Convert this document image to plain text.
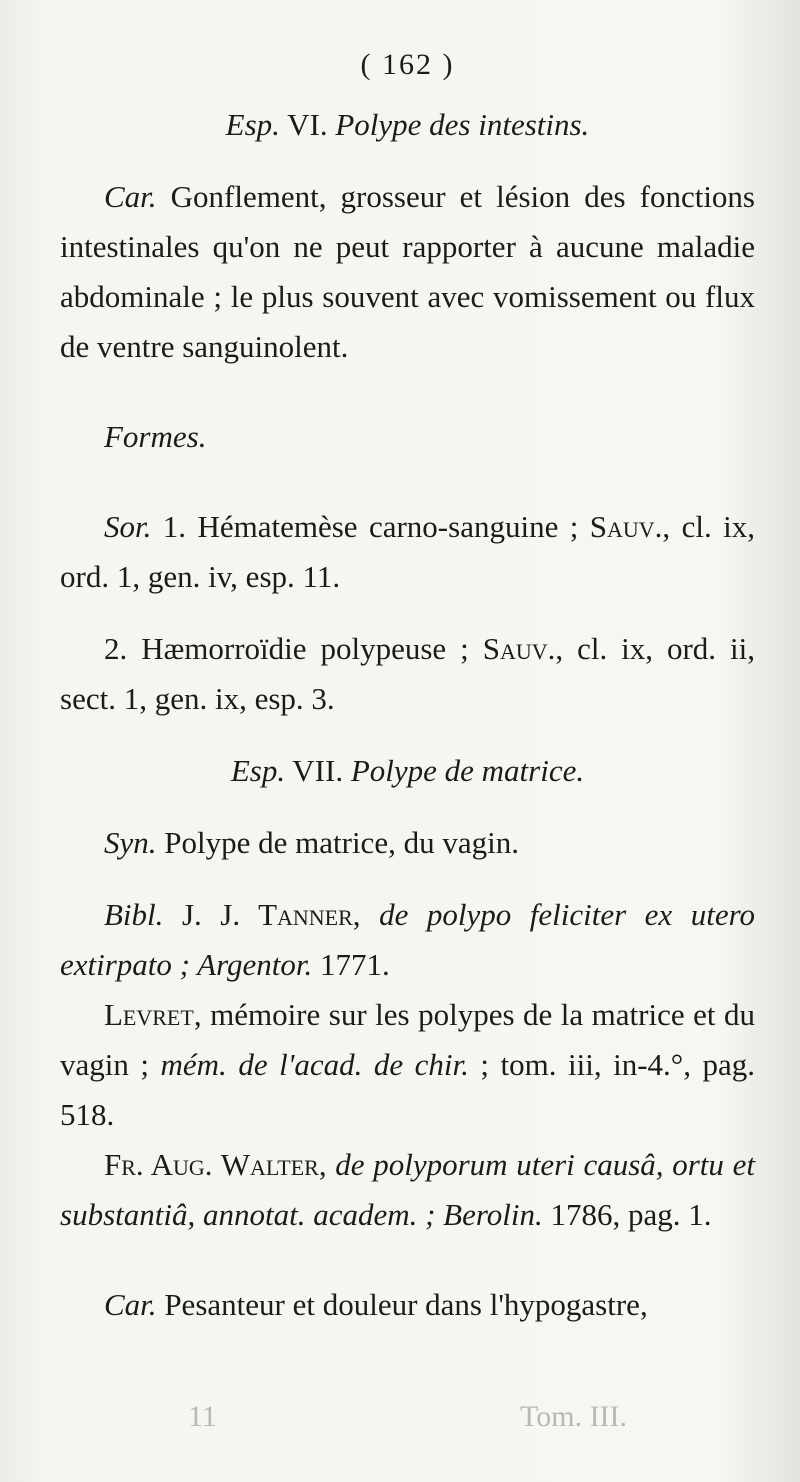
( 162 )

Esp. VI. Polype des intestins.

Car. Gonflement, grosseur et lésion des fonctions intestinales qu'on ne peut rapporter à aucune maladie abdominale ; le plus souvent avec vomissement ou flux de ventre sanguinolent.

Formes.

Sor. 1. Hématemèse carno-sanguine ; Sauv., cl. ix, ord. 1, gen. iv, esp. 11.

2. Hæmorroïdie polypeuse ; Sauv., cl. ix, ord. ii, sect. 1, gen. ix, esp. 3.

Esp. VII. Polype de matrice.

Syn. Polype de matrice, du vagin.

Bibl. J. J. Tanner, de polypo feliciter ex utero extirpato ; Argentor. 1771.

Levret, mémoire sur les polypes de la matrice et du vagin ; mém. de l'acad. de chir. ; tom. iii, in-4.°, pag. 518.

Fr. Aug. Walter, de polyporum uteri causâ, ortu et substantiâ, annotat. academ. ; Berolin. 1786, pag. 1.

Car. Pesanteur et douleur dans l'hypogastre,

11	Tom. III.
